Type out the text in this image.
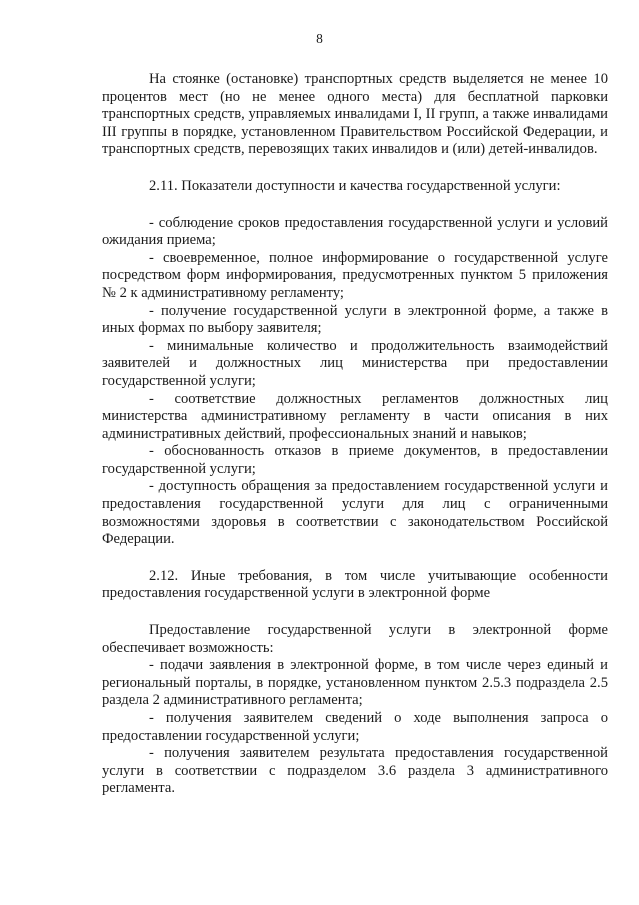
8

На стоянке (остановке) транспортных средств выделяется не менее 10 процентов мест (но не менее одного места) для бесплатной парковки транспортных средств, управляемых инвалидами I, II групп, а также инвалидами III группы в порядке, установленном Правительством Российской Федерации, и транспортных средств, перевозящих таких инвалидов и (или) детей-инвалидов.

2.11. Показатели доступности и качества государственной услуги:

- соблюдение сроков предоставления государственной услуги и условий ожидания приема;

- своевременное, полное информирование о государственной услуге посредством форм информирования, предусмотренных пунктом 5 приложения № 2 к административному регламенту;

- получение государственной услуги в электронной форме, а также в иных формах по выбору заявителя;

- минимальные количество и продолжительность взаимодействий заявителей и должностных лиц министерства при предоставлении государственной услуги;

- соответствие должностных регламентов должностных лиц министерства административному регламенту в части описания в них административных действий, профессиональных знаний и навыков;

- обоснованность отказов в приеме документов, в предоставлении государственной услуги;

- доступность обращения за предоставлением государственной услуги и предоставления государственной услуги для лиц с ограниченными возможностями здоровья в соответствии с законодательством Российской Федерации.

2.12. Иные требования, в том числе учитывающие особенности предоставления государственной услуги в электронной форме

Предоставление государственной услуги в электронной форме обеспечивает возможность:

- подачи заявления в электронной форме, в том числе через единый и региональный порталы, в порядке, установленном пунктом 2.5.3 подраздела 2.5 раздела 2 административного регламента;

- получения заявителем сведений о ходе выполнения запроса о предоставлении государственной услуги;

- получения заявителем результата предоставления государственной услуги в соответствии с подразделом 3.6 раздела 3 административного регламента.
